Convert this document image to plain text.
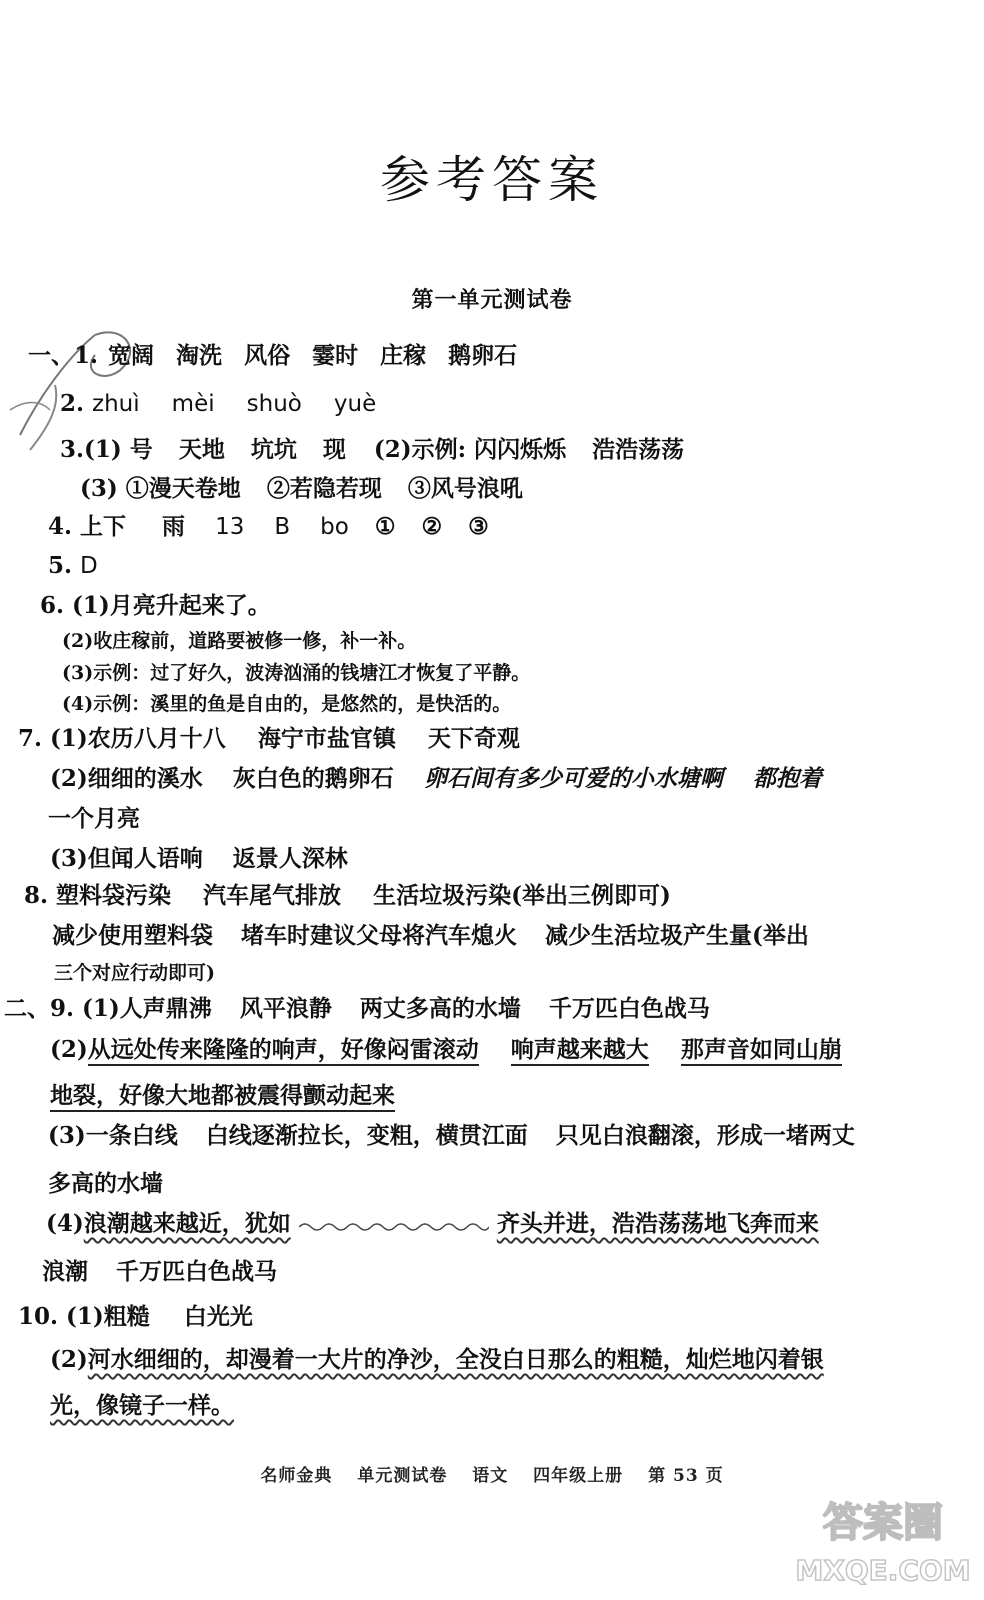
参考答案
第一单元测试卷
一、1. 宽阔 淘洗 风俗 霎时 庄稼 鹅卵石
2. zhuì mèi shuò yuè
3.(1) 号 天地 坑坑 现 (2)示例: 闪闪烁烁 浩浩荡荡
(3) ①漫天卷地 ②若隐若现 ③风号浪吼
4. 上下 雨 13 B bo ① ② ③
5. D
6. (1)月亮升起来了。
(2)收庄稼前，道路要被修一修，补一补。
(3)示例：过了好久，波涛汹涌的钱塘江才恢复了平静。
(4)示例：溪里的鱼是自由的，是悠然的，是快活的。
7. (1)农历八月十八 海宁市盐官镇 天下奇观
(2)细细的溪水 灰白色的鹅卵石 卵石间有多少可爱的小水塘啊 都抱着
一个月亮
(3)但闻人语响 返景人深林
8. 塑料袋污染 汽车尾气排放 生活垃圾污染(举出三例即可)
减少使用塑料袋 堵车时建议父母将汽车熄火 减少生活垃圾产生量(举出
三个对应行动即可)
二、9. (1)人声鼎沸 风平浪静 两丈多高的水墙 千万匹白色战马
(2)从远处传来隆隆的响声，好像闷雷滚动 响声越来越大 那声音如同山崩
地裂，好像大地都被震得颤动起来
(3)一条白线 白线逐渐拉长，变粗，横贯江面 只见白浪翻滚，形成一堵两丈
多高的水墙
(4)浪潮越来越近，犹如	齐头并进，浩浩荡荡地飞奔而来
浪潮 千万匹白色战马
10. (1)粗糙 白光光
(2)河水细细的，却漫着一大片的净沙，全没白日那么的粗糙，灿烂地闪着银
光，像镜子一样。
名师金典 单元测试卷 语文 四年级上册 第 53 页
答案圈
MXQE.COM
